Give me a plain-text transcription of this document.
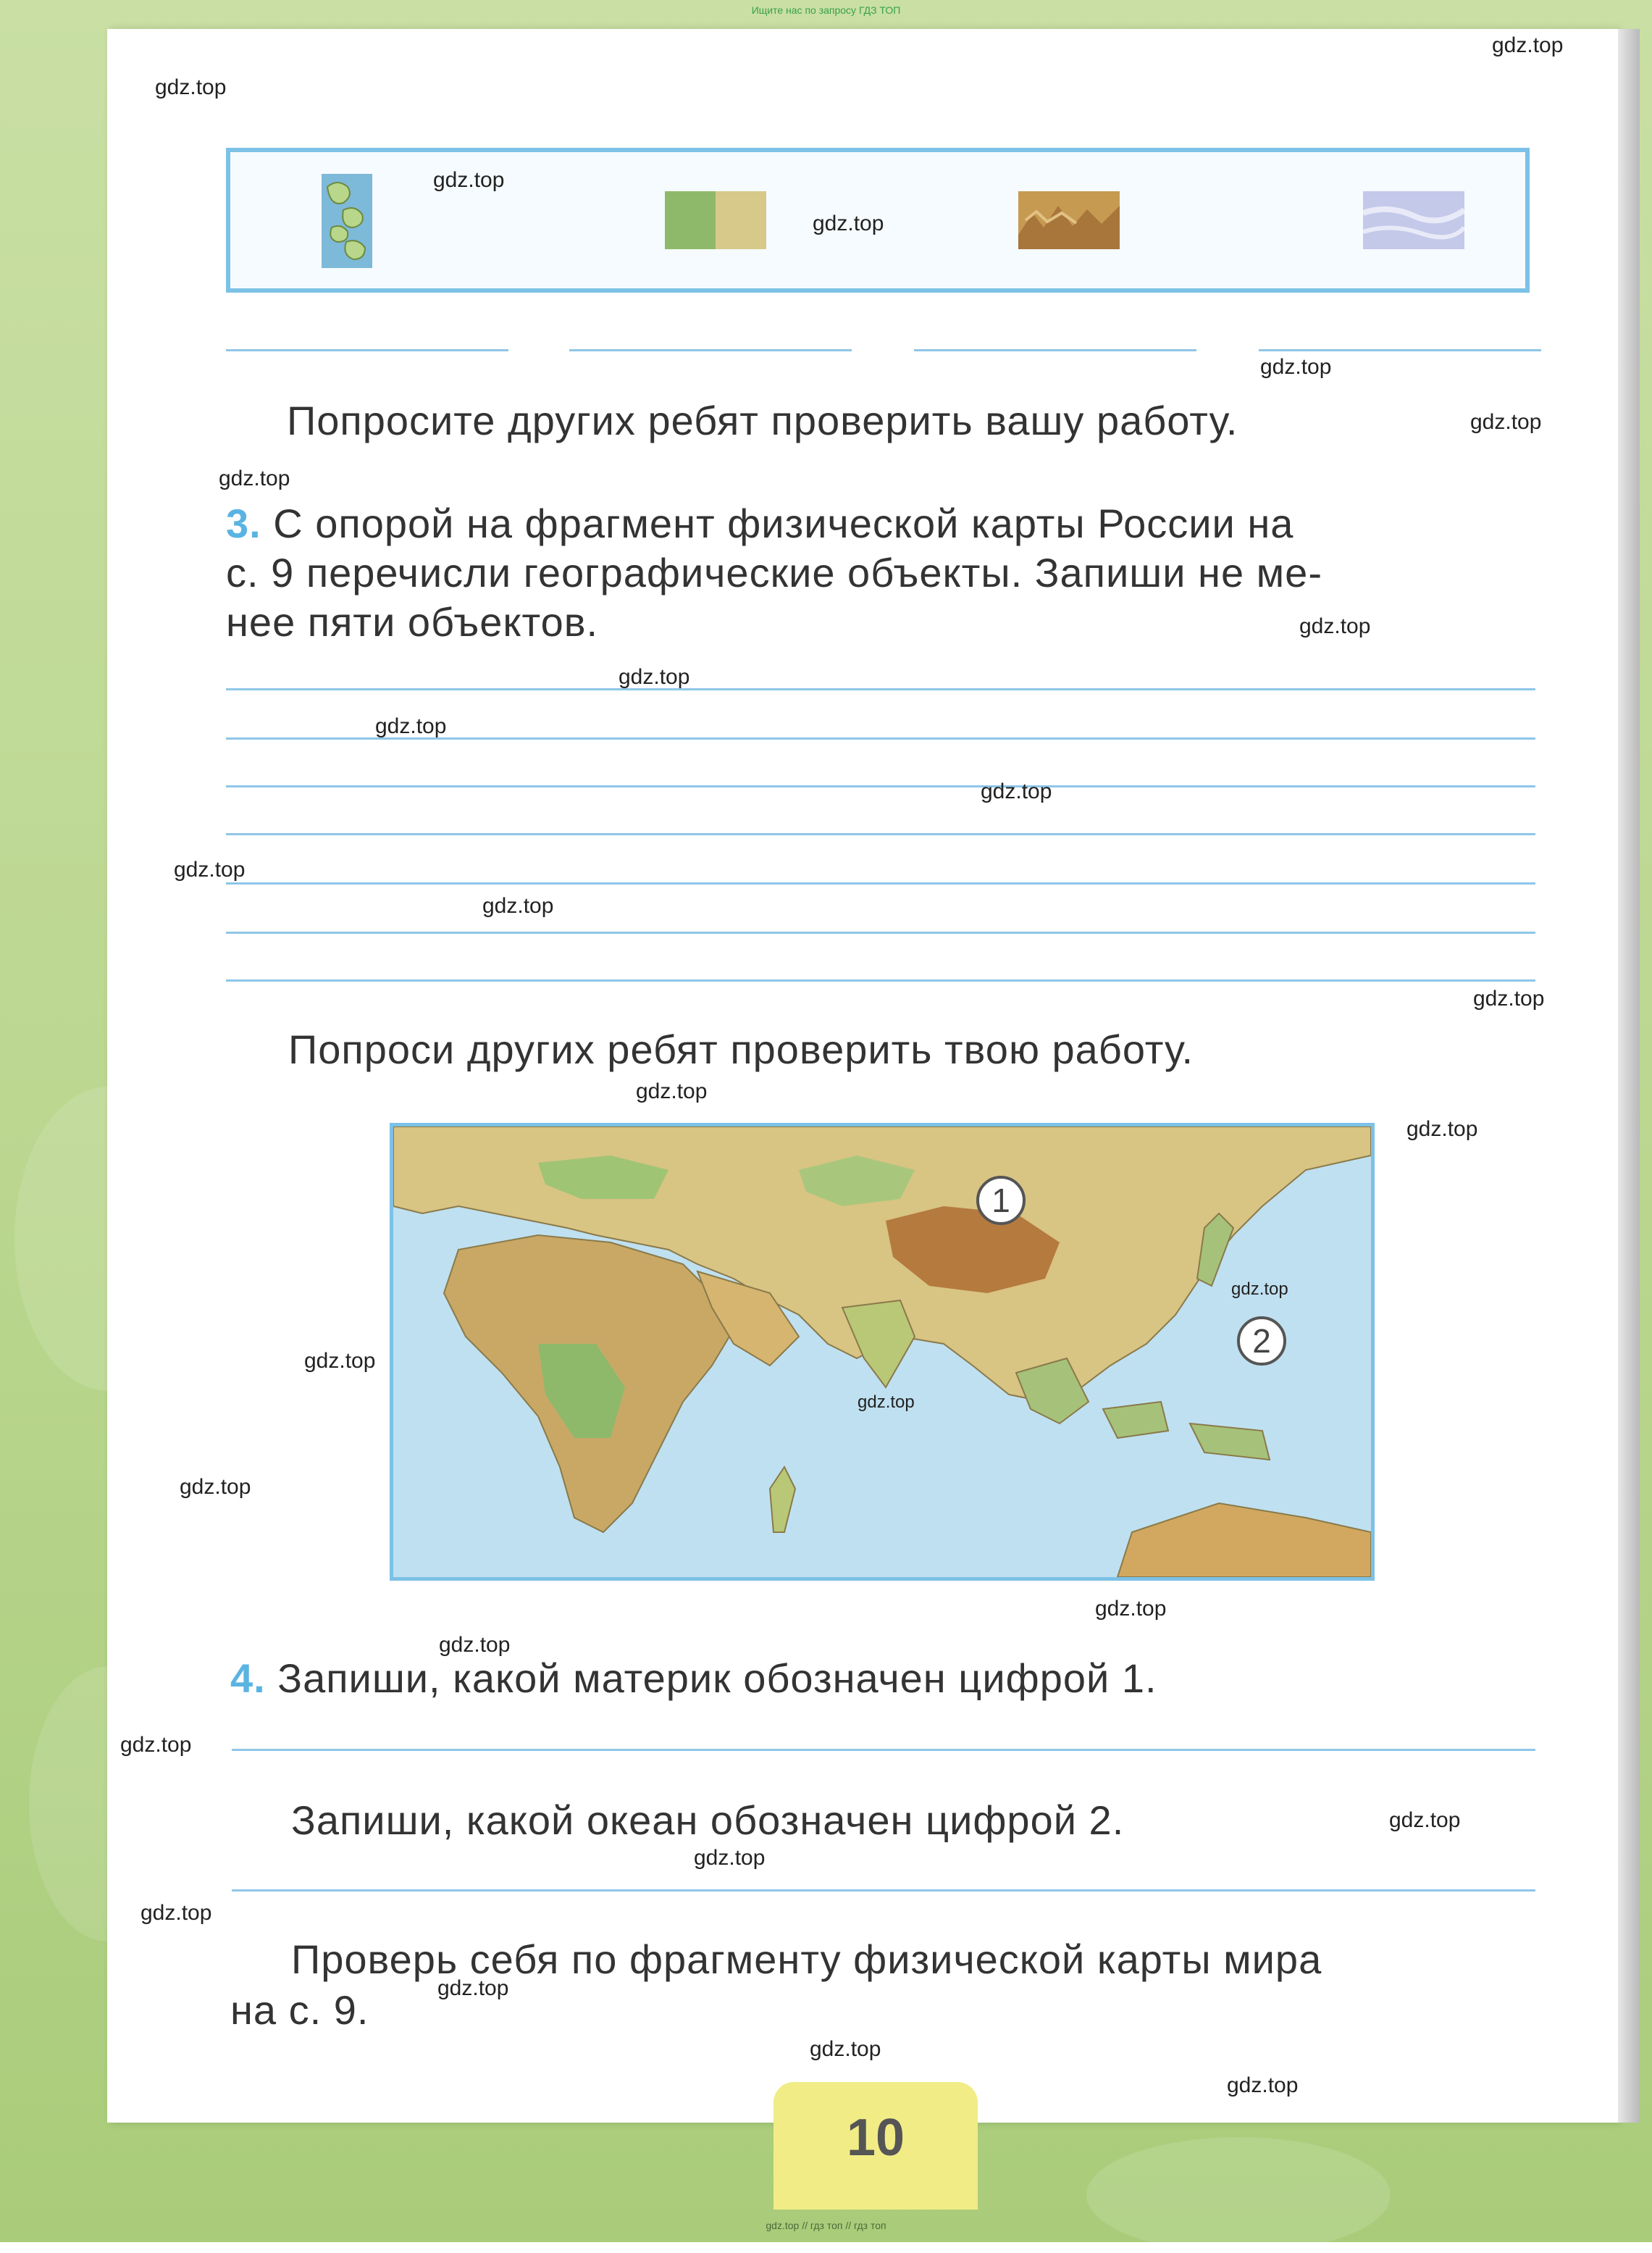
Ищите нас по запросу ГДЗ ТОП
Попросите других ребят проверить вашу работу.
3. С опорой на фрагмент физической карты России на
с. 9 перечисли географические объекты. Запиши не ме-
нее пяти объектов.
Попроси других ребят проверить твою работу.
1
2
4. Запиши, какой материк обозначен цифрой 1.
Запиши, какой океан обозначен цифрой 2.
Проверь себя по фрагменту физической карты мира
на с. 9.
10
gdz.top
gdz.top
gdz.top
gdz.top
gdz.top
gdz.top
gdz.top
gdz.top
gdz.top
gdz.top
gdz.top
gdz.top
gdz.top
gdz.top
gdz.top
gdz.top
gdz.top
gdz.top
gdz.top
gdz.top
gdz.top
gdz.top
gdz.top
gdz.top
gdz.top
gdz.top
gdz.top
gdz.top
gdz.top
gdz.top // гдз топ // гдз топ
